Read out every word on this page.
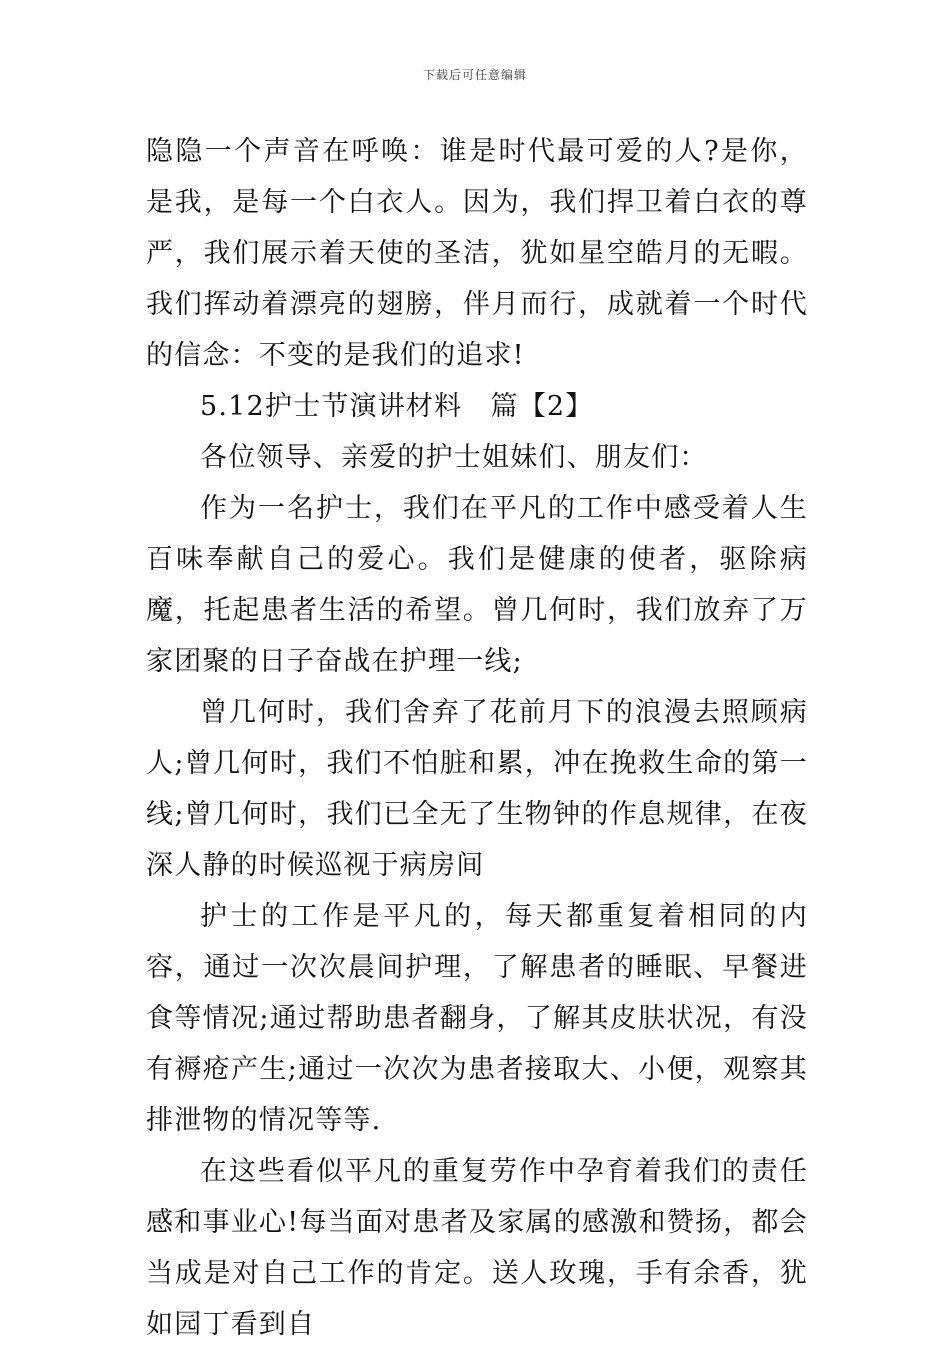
下载后可任意编辑

隐隐一个声音在呼唤：谁是时代最可爱的人?是你，是我，是每一个白衣人。因为，我们捍卫着白衣的尊严，我们展示着天使的圣洁，犹如星空皓月的无暇。我们挥动着漂亮的翅膀，伴月而行，成就着一个时代的信念：不变的是我们的追求!

5.12护士节演讲材料　篇【2】

各位领导、亲爱的护士姐妹们、朋友们：

作为一名护士，我们在平凡的工作中感受着人生百味奉献自己的爱心。我们是健康的使者，驱除病魔，托起患者生活的希望。曾几何时，我们放弃了万家团聚的日子奋战在护理一线;

曾几何时，我们舍弃了花前月下的浪漫去照顾病人;曾几何时，我们不怕脏和累，冲在挽救生命的第一线;曾几何时，我们已全无了生物钟的作息规律，在夜深人静的时候巡视于病房间

护士的工作是平凡的，每天都重复着相同的内容，通过一次次晨间护理，了解患者的睡眠、早餐进食等情况;通过帮助患者翻身，了解其皮肤状况，有没有褥疮产生;通过一次次为患者接取大、小便，观察其排泄物的情况等等.

在这些看似平凡的重复劳作中孕育着我们的责任感和事业心!每当面对患者及家属的感激和赞扬，都会当成是对自己工作的肯定。送人玫瑰，手有余香，犹如园丁看到自
